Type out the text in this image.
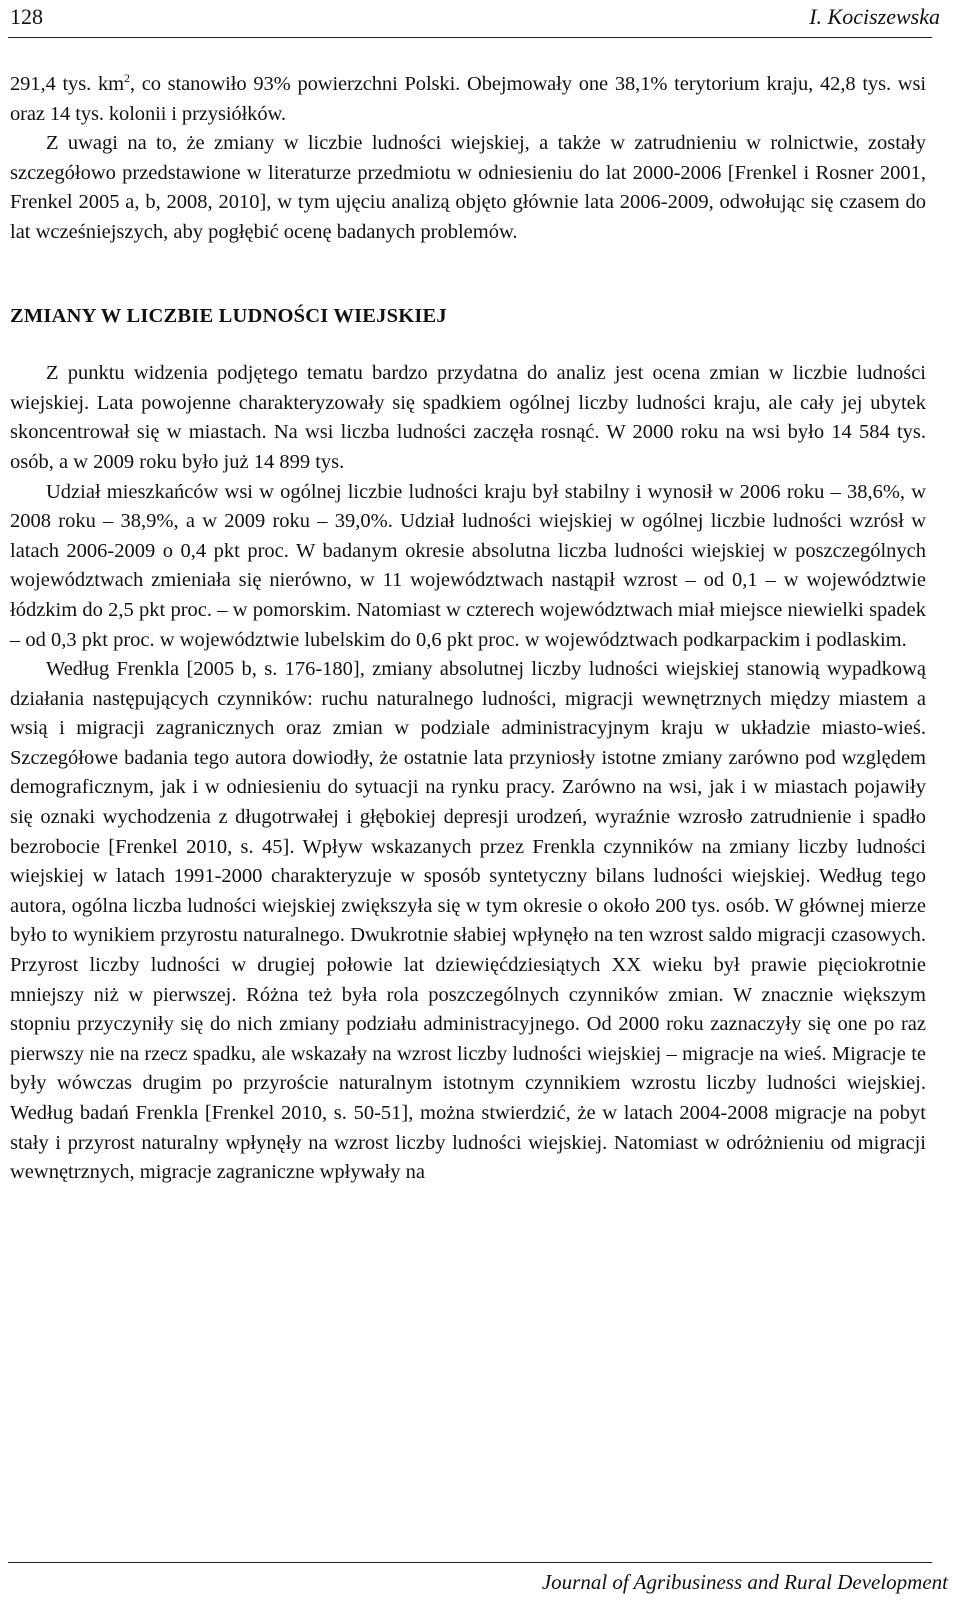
128	I. Kociszewska

291,4 tys. $km^2$, co stanowiło 93% powierzchni Polski. Obejmowały one 38,1% terytorium kraju, 42,8 tys. wsi oraz 14 tys. kolonii i przysiółków.

Z uwagi na to, że zmiany w liczbie ludności wiejskiej, a także w zatrudnieniu w rolnictwie, zostały szczegółowo przedstawione w literaturze przedmiotu w odniesieniu do lat 2000-2006 [Frenkel i Rosner 2001, Frenkel 2005 a, b, 2008, 2010], w tym ujęciu analizą objęto głównie lata 2006-2009, odwołując się czasem do lat wcześniejszych, aby pogłębić ocenę badanych problemów.

ZMIANY W LICZBIE LUDNOŚCI WIEJSKIEJ

Z punktu widzenia podjętego tematu bardzo przydatna do analiz jest ocena zmian w liczbie ludności wiejskiej. Lata powojenne charakteryzowały się spadkiem ogólnej liczby ludności kraju, ale cały jej ubytek skoncentrował się w miastach. Na wsi liczba ludności zaczęła rosnąć. W 2000 roku na wsi było 14 584 tys. osób, a w 2009 roku było już 14 899 tys.

Udział mieszkańców wsi w ogólnej liczbie ludności kraju był stabilny i wynosił w 2006 roku – 38,6%, w 2008 roku – 38,9%, a w 2009 roku – 39,0%. Udział ludności wiejskiej w ogólnej liczbie ludności wzrósł w latach 2006-2009 o 0,4 pkt proc. W badanym okresie absolutna liczba ludności wiejskiej w poszczególnych województwach zmieniała się nierówno, w 11 województwach nastąpił wzrost – od 0,1 – w województwie łódzkim do 2,5 pkt proc. – w pomorskim. Natomiast w czterech województwach miał miejsce niewielki spadek – od 0,3 pkt proc. w województwie lubelskim do 0,6 pkt proc. w województwach podkarpackim i podlaskim.

Według Frenkla [2005 b, s. 176-180], zmiany absolutnej liczby ludności wiejskiej stanowią wypadkową działania następujących czynników: ruchu naturalnego ludności, migracji wewnętrznych między miastem a wsią i migracji zagranicznych oraz zmian w podziale administracyjnym kraju w układzie miasto-wieś. Szczegółowe badania tego autora dowiodły, że ostatnie lata przyniosły istotne zmiany zarówno pod względem demograficznym, jak i w odniesieniu do sytuacji na rynku pracy. Zarówno na wsi, jak i w miastach pojawiły się oznaki wychodzenia z długotrwałej i głębokiej depresji urodzeń, wyraźnie wzrosło zatrudnienie i spadło bezrobocie [Frenkel 2010, s. 45]. Wpływ wskazanych przez Frenkla czynników na zmiany liczby ludności wiejskiej w latach 1991-2000 charakteryzuje w sposób syntetyczny bilans ludności wiejskiej. Według tego autora, ogólna liczba ludności wiejskiej zwiększyła się w tym okresie o około 200 tys. osób. W głównej mierze było to wynikiem przyrostu naturalnego. Dwukrotnie słabiej wpłynęło na ten wzrost saldo migracji czasowych. Przyrost liczby ludności w drugiej połowie lat dziewięćdziesiątych XX wieku był prawie pięciokrotnie mniejszy niż w pierwszej. Różna też była rola poszczególnych czynników zmian. W znacznie większym stopniu przyczyniły się do nich zmiany podziału administracyjnego. Od 2000 roku zaznaczyły się one po raz pierwszy nie na rzecz spadku, ale wskazały na wzrost liczby ludności wiejskiej – migracje na wieś. Migracje te były wówczas drugim po przyroście naturalnym istotnym czynnikiem wzrostu liczby ludności wiejskiej. Według badań Frenkla [Frenkel 2010, s. 50-51], można stwierdzić, że w latach 2004-2008 migracje na pobyt stały i przyrost naturalny wpłynęły na wzrost liczby ludności wiejskiej. Natomiast w odróżnieniu od migracji wewnętrznych, migracje zagraniczne wpływały na

Journal of Agribusiness and Rural Development
